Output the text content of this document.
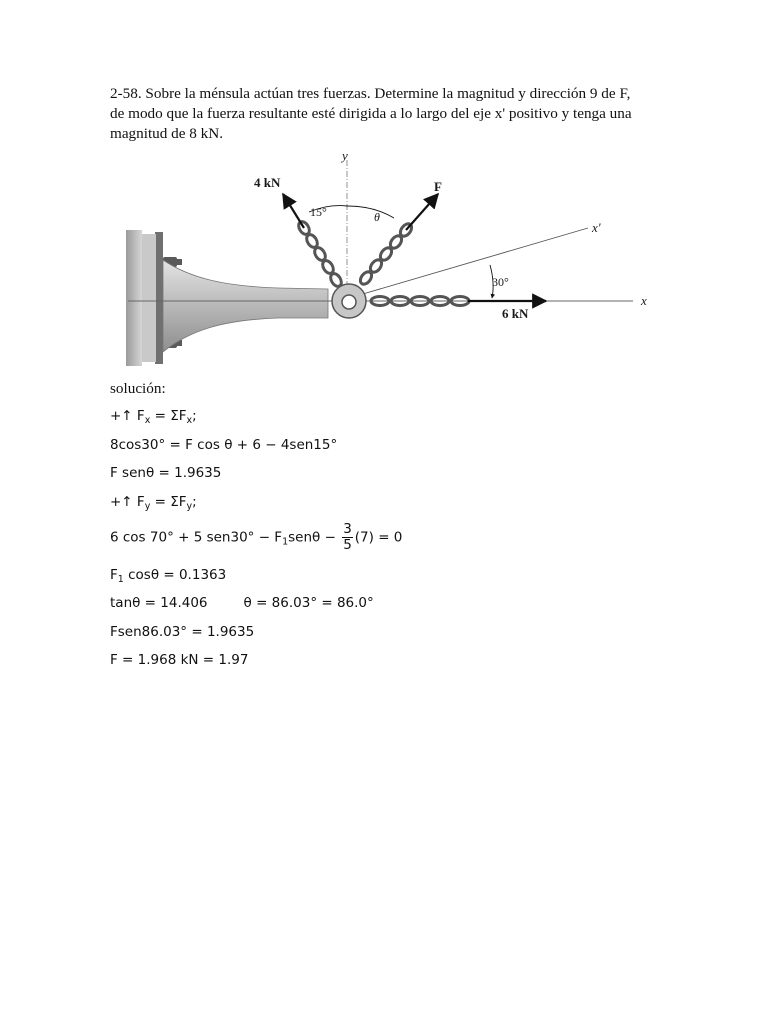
2-58. Sobre la ménsula actúan tres fuerzas. Determine la magnitud y dirección 9 de F,

de modo que la fuerza resultante esté dirigida a lo largo del eje x' positivo y tenga una

magnitud de 8 kN.

4 kN	F
6 kN
15°	θ
30°
y
x
x'
solución:
+↑ $F_x = \Sigma F_x$;
8cos30° = F cos θ + 6 − 4sen15°
F senθ = 1.9635
+↑ $F_y = \Sigma F_y$;
6 cos 70° + 5 $sen30^\circ - F_1sen\theta - \frac{3}{5} (7) = 0$
$F_1$ cosθ = 0.1363
tanθ = 14.406	θ = 86.03° = 86.0°
Fsen86.03° = 1.9635
F = 1.968 kN = 1.97
